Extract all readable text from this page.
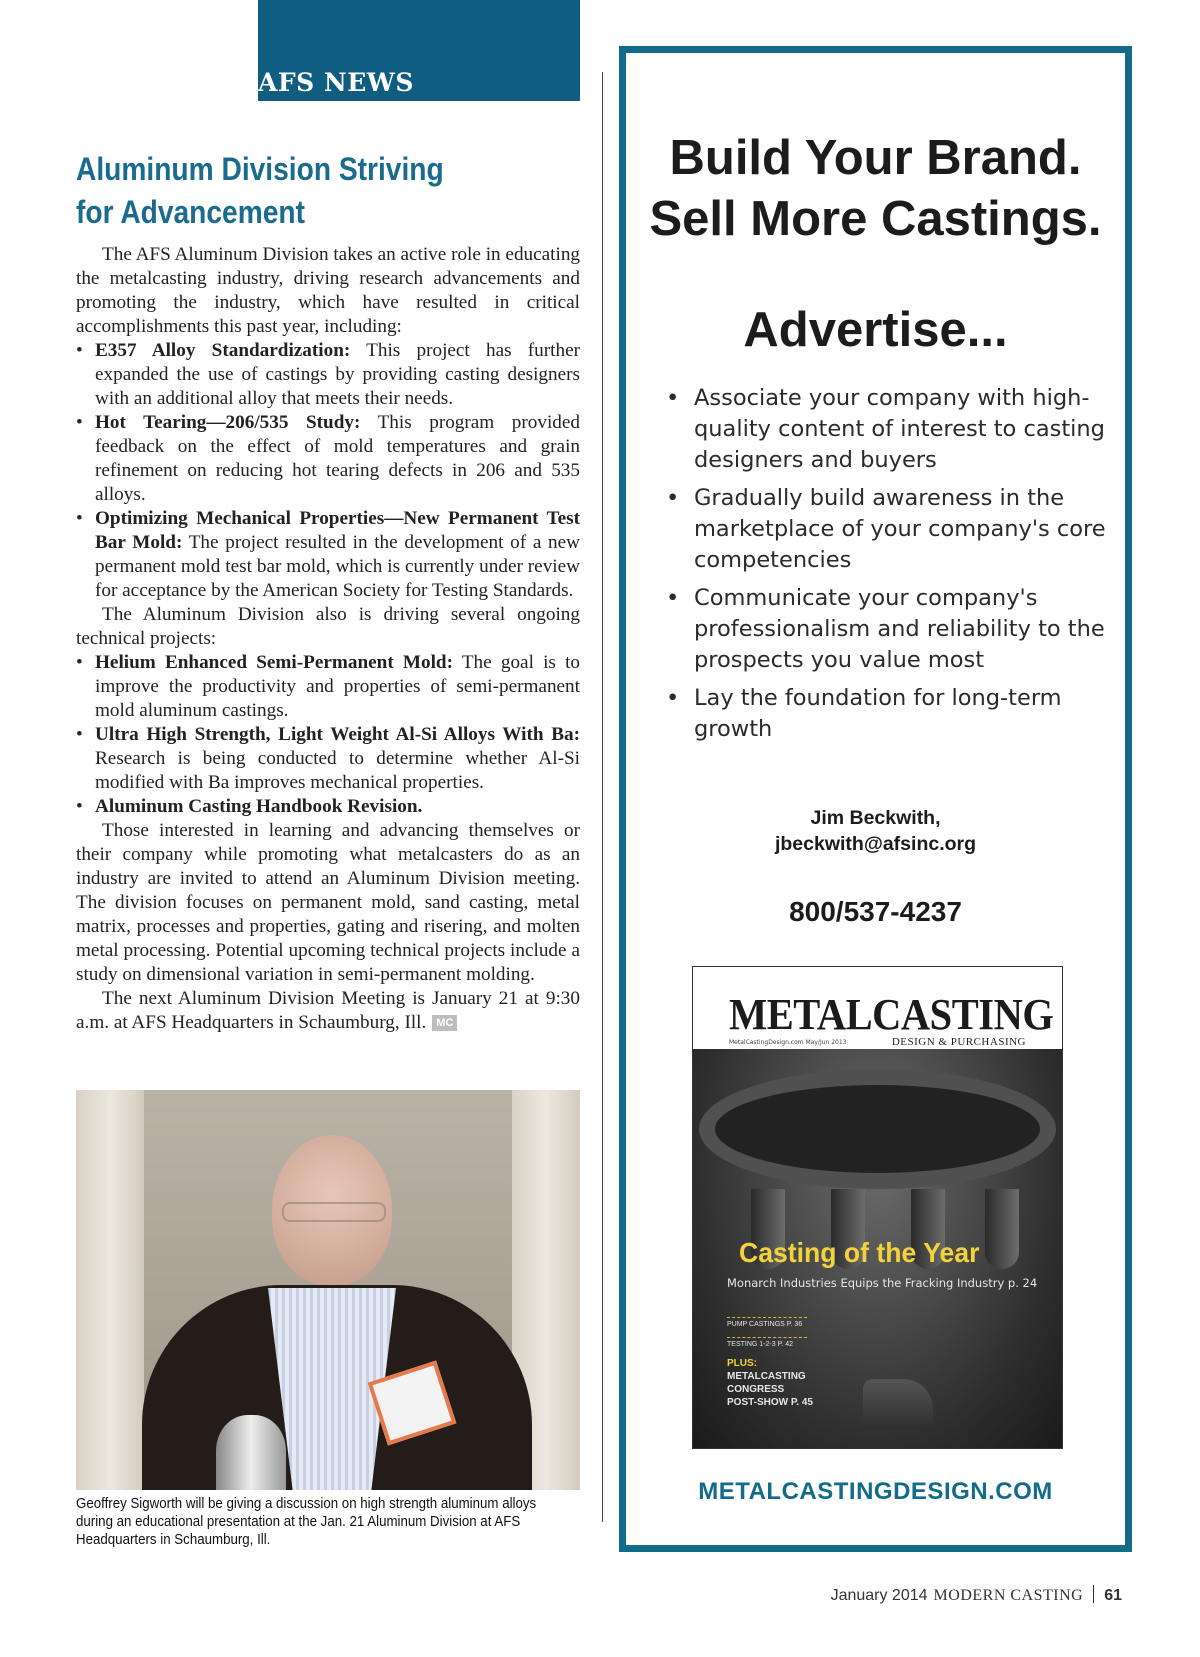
AFS NEWS
Aluminum Division Striving
for Advancement

The AFS Aluminum Division takes an active role in educating the metalcasting industry, driving research advancements and promoting the industry, which have resulted in critical accomplishments this past year, including:

• E357 Alloy Standardization: This project has further expanded the use of castings by providing casting designers with an additional alloy that meets their needs.
• Hot Tearing—206/535 Study: This program provided feedback on the effect of mold temperatures and grain refinement on reducing hot tearing defects in 206 and 535 alloys.
• Optimizing Mechanical Properties—New Permanent Test Bar Mold: The project resulted in the development of a new permanent mold test bar mold, which is currently under review for acceptance by the American Society for Testing Standards.

The Aluminum Division also is driving several ongoing technical projects:

• Helium Enhanced Semi-Permanent Mold: The goal is to improve the productivity and properties of semi-permanent mold aluminum castings.
• Ultra High Strength, Light Weight Al-Si Alloys With Ba: Research is being conducted to determine whether Al-Si modified with Ba improves mechanical properties.
• Aluminum Casting Handbook Revision.

Those interested in learning and advancing themselves or their company while promoting what metalcasters do as an industry are invited to attend an Aluminum Division meeting. The division focuses on permanent mold, sand casting, metal matrix, processes and properties, gating and risering, and molten metal processing. Potential upcoming technical projects include a study on dimensional variation in semi-permanent molding.

The next Aluminum Division Meeting is January 21 at 9:30 a.m. at AFS Headquarters in Schaumburg, Ill. MC

Geoffrey Sigworth will be giving a discussion on high strength aluminum alloys during an educational presentation at the Jan. 21 Aluminum Division at AFS Headquarters in Schaumburg, Ill.
Build Your Brand.
Sell More Castings.
Advertise...
• Associate your company with high-quality content of interest to casting designers and buyers
• Gradually build awareness in the marketplace of your company's core competencies
• Communicate your company's professionalism and reliability to the prospects you value most
• Lay the foundation for long-term growth
Jim Beckwith,
jbeckwith@afsinc.org
800/537-4237
METALCASTING
MetalCastingDesign.com May/Jun 2013	DESIGN & PURCHASING
Casting of the Year
Monarch Industries Equips the Fracking Industry p. 24
PUMP CASTINGS P. 36
TESTING 1-2-3 P. 42
PLUS:
METALCASTING
CONGRESS
POST-SHOW P. 45
METALCASTINGDESIGN.COM
January 2014 MODERN CASTING 61
